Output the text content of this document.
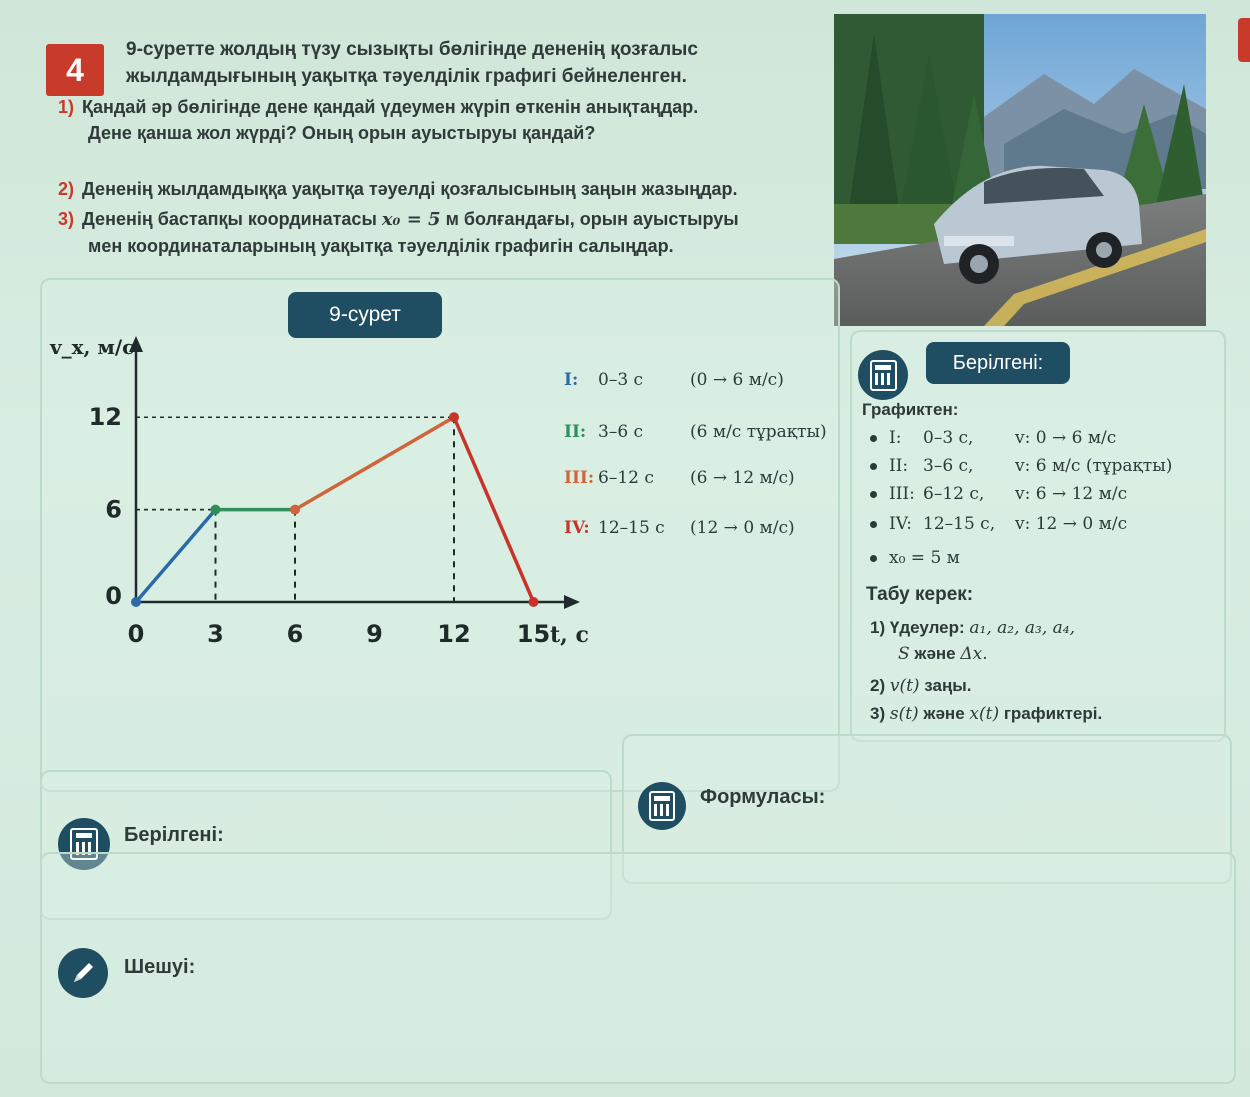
4
9-суретте жолдың түзу сызықты бөлігінде дененің қозғалыс жылдамдығының уақытқа тәуелділік графигі бейнеленген.
1) Қандай әр бөлігінде дене қандай үдеумен жүріп өткенін анықтаңдар.
Дене қанша жол жүрді? Оның орын ауыстыруы қандай?
2) Дененің жылдамдыққа уақытқа тәуелді қозғалысының заңын жазыңдар.
3) Дененің бастапқы координатасы x₀ = 5 м болғандағы, орын ауыстыруы
мен координаталарының уақытқа тәуелділік графигін салыңдар.
9-сурет
0	3	6	9 12 15
0
6
12
v_x, м/с
t, с
I: 0–3 с	(0 → 6 м/с)
II: 3–6 с	(6 м/с тұрақты)
III: 6–12 с (6 → 12 м/с)
IV: 12–15 с (12 → 0 м/с)
Берілгені:
Графиктен:
I: 0–3 с, v: 0 → 6 м/с
II: 3–6 с, v: 6 м/с (тұрақты)
III: 6–12 с, v: 6 → 12 м/с
IV: 12–15 с, v: 12 → 0 м/с
x₀ = 5 м
Табу керек:
1) Үдеулер: a₁, a₂, a₃, a₄,
S жәнe Δx.
2) v(t) заңы.
3) s(t) жәнe x(t) графиктері.
Берілгені:
Формуласы:
Шешуі:
